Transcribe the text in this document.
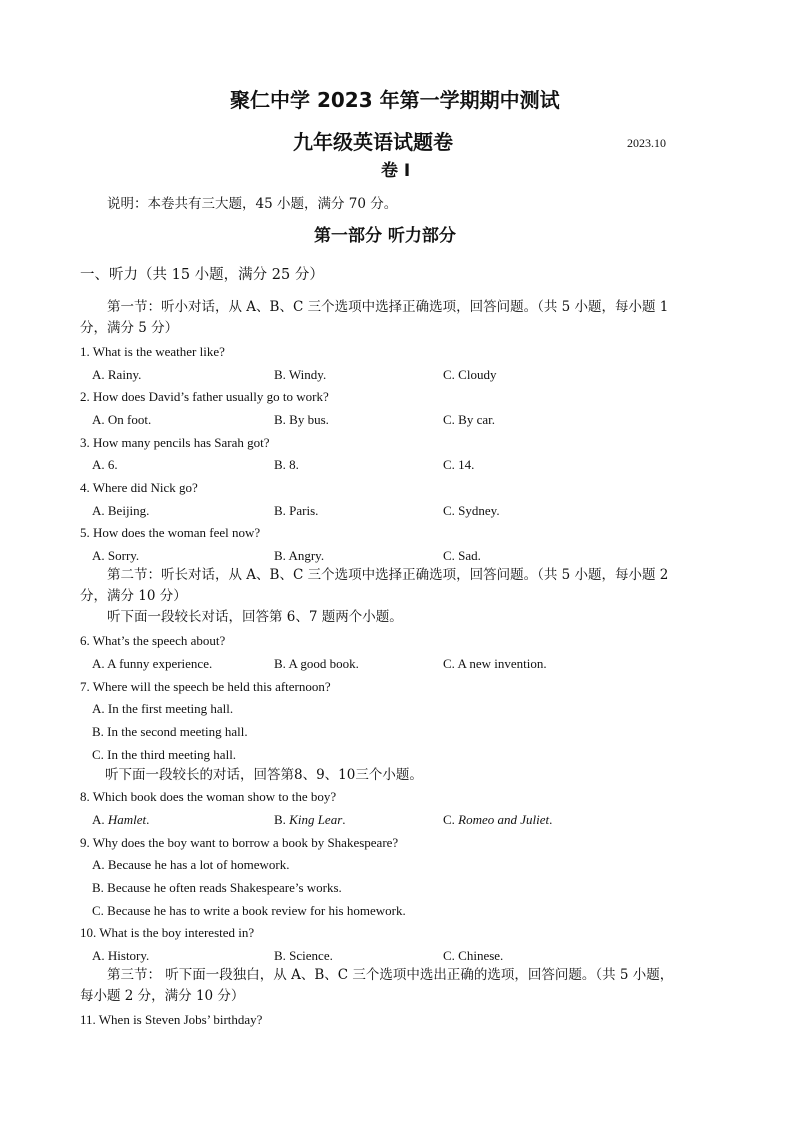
聚仁中学 2023 年第一学期期中测试
九年级英语试题卷	2023.10
卷 I
说明：本卷共有三大题，45 小题，满分 70 分。
第一部分 听力部分
一、听力（共 15 小题，满分 25 分）
第一节：听小对话，从 A、B、C 三个选项中选择正确选项，回答问题。（共 5 小题，每小题 1
分，满分 5 分）
1. What is the weather like?
A. Rainy.	B. Windy.	C. Cloudy
2. How does David’s father usually go to work?
A. On foot.	B. By bus.	C. By car.
3. How many pencils has Sarah got?
A. 6.	B. 8.	C. 14.
4. Where did Nick go?
A. Beijing.	B. Paris.	C. Sydney.
5. How does the woman feel now?
A. Sorry.	B. Angry.	C. Sad.
第二节：听长对话，从 A、B、C 三个选项中选择正确选项，回答问题。（共 5 小题，每小题 2
分，满分 10 分）
听下面一段较长对话，回答第 6、7 题两个小题。
6. What’s the speech about?
A. A funny experience.	B. A good book.	C. A new invention.
7. Where will the speech be held this afternoon?
A. In the first meeting hall.
B. In the second meeting hall.
C. In the third meeting hall.
听下面一段较长的对话，回答第8、9、10三个小题。
8. Which book does the woman show to the boy?
A. Hamlet.	B. King Lear.	C. Romeo and Juliet.
9. Why does the boy want to borrow a book by Shakespeare?
A. Because he has a lot of homework.
B. Because he often reads Shakespeare’s works.
C. Because he has to write a book review for his homework.
10. What is the boy interested in?
A. History.	B. Science.	C. Chinese.
第三节： 听下面一段独白，从 A、B、C 三个选项中选出正确的选项，回答问题。（共 5 小题，
每小题 2 分，满分 10 分）
11. When is Steven Jobs’ birthday?
